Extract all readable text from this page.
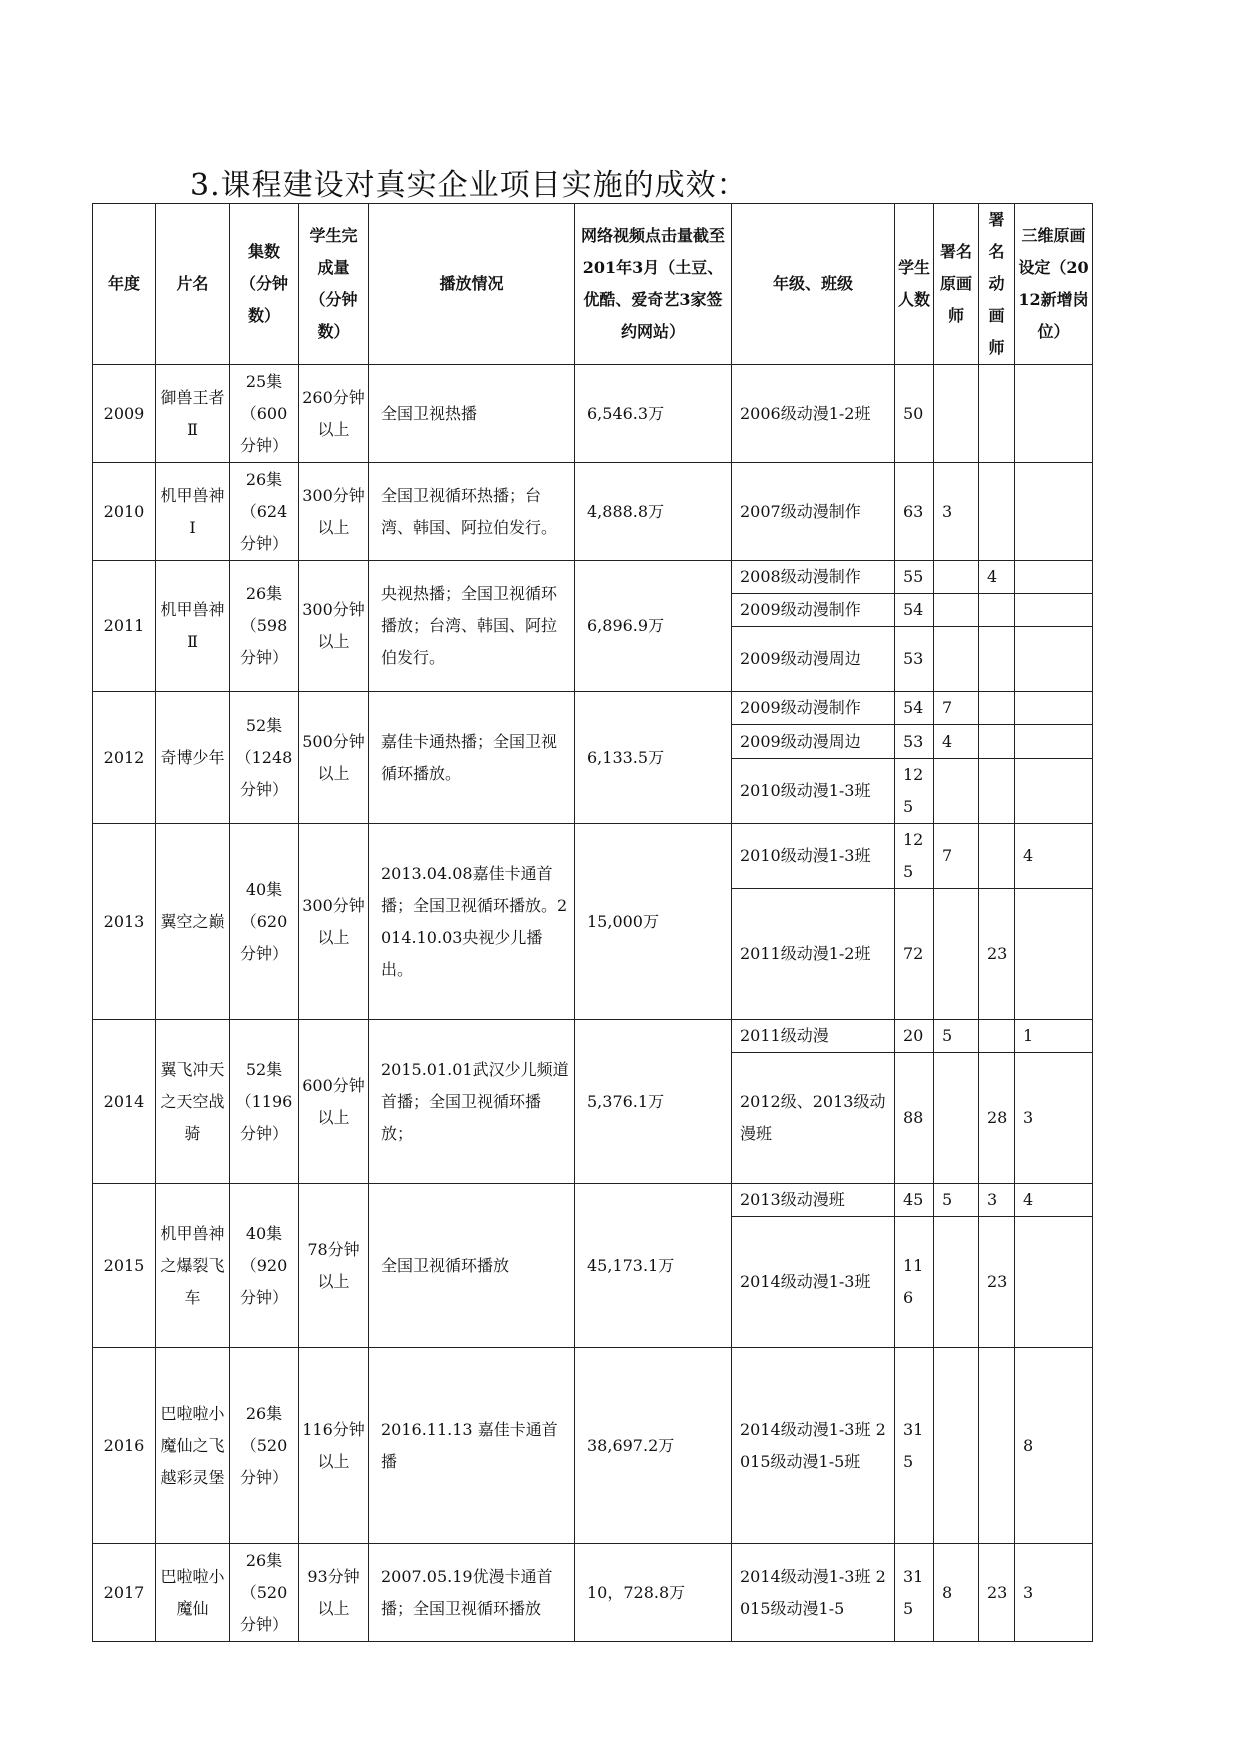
3.课程建设对真实企业项目实施的成效：
年度	片名	集数（分钟数）	学生完成量（分钟数）	播放情况	网络视频点击量截至201年3月（土豆、优酷、爱奇艺3家签约网站）	年级、班级	学生人数	署名原画师	署名动画师	三维原画设定（2012新增岗位）
2009	御兽王者Ⅱ	25集（600分钟）	260分钟 以上	全国卫视热播	6,546.3万	2006级动漫1-2班	50			
2010	机甲兽神Ⅰ	26集（624分钟）	300分钟 以上	全国卫视循环热播；台湾、韩国、阿拉伯发行。	4,888.8万	2007级动漫制作	63	3		
2011	机甲兽神Ⅱ	26集（598分钟）	300分钟 以上	央视热播；全国卫视循环播放；台湾、韩国、阿拉伯发行。	6,896.9万	2008级动漫制作	55		4	
						2009级动漫制作	54			
						2009级动漫周边	53			
2012	奇博少年	52集（1248分钟）	500分钟 以上	嘉佳卡通热播；全国卫视循环播放。	6,133.5万	2009级动漫制作	54	7		
						2009级动漫周边	53	4		
						2010级动漫1-3班	125			
2013	翼空之巅	40集（620分钟）	300分钟 以上	2013.04.08嘉佳卡通首播；全国卫视循环播放。2014.10.03央视少儿播出。	15,000万	2010级动漫1-3班	125	7		4
						2011级动漫1-2班	72		23	
2014	翼飞冲天之天空战骑	52集（1196分钟）	600分钟 以上	2015.01.01武汉少儿频道首播；全国卫视循环播放；	5,376.1万	2011级动漫	20	5		1
						2012级、2013级动漫班	88		28	3
2015	机甲兽神之爆裂飞车	40集（920分钟）	78分钟以上	全国卫视循环播放	45,173.1万	2013级动漫班	45	5	3	4
						2014级动漫1-3班	116		23	
2016	巴啦啦小魔仙之飞越彩灵堡	26集（520分钟）	116分钟 以上	2016.11.13 嘉佳卡通首播	38,697.2万	2014级动漫1-3班 2015级动漫1-5班	315			8
2017	巴啦啦小魔仙	26集（520分钟）	93分钟 以上	2007.05.19优漫卡通首播；全国卫视循环播放	10，728.8万	2014级动漫1-3班 2015级动漫1-5	315	8	23	3
